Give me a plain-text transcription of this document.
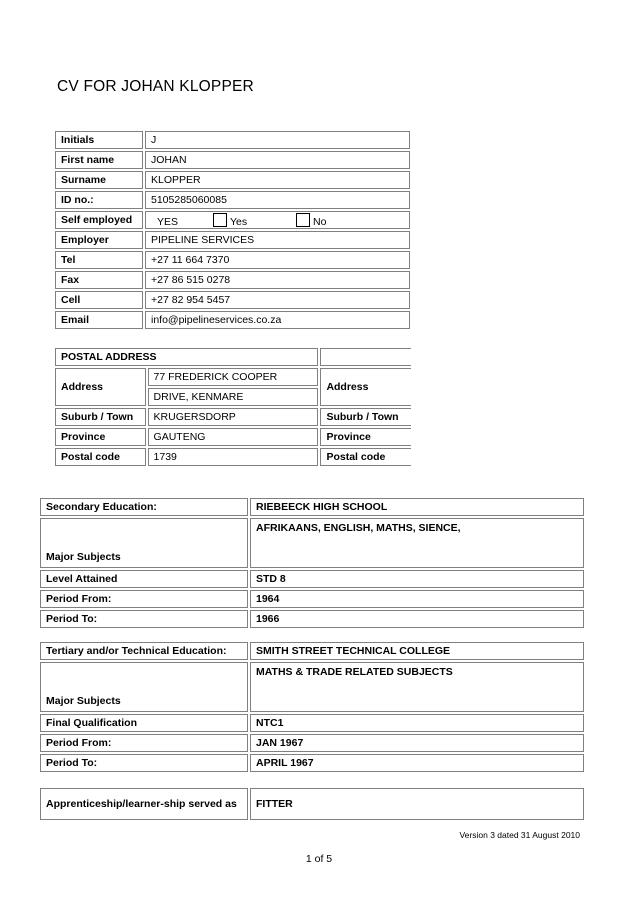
CV FOR JOHAN KLOPPER
Initials	J
First name	JOHAN
Surname	KLOPPER
ID no.:	5105285060085
Self employed	YES Yes No
Employer	PIPELINE SERVICES
Tel	+27 11 664 7370
Fax	+27 86 515 0278
Cell	+27 82 954 5457
Email	info@pipelineservices.co.za
POSTAL ADDRESS		
Address	77 FREDERICK COOPER	Address
	DRIVE, KENMARE	
Suburb / Town	KRUGERSDORP	Suburb / Town
Province	GAUTENG	Province
Postal code	1739	Postal code
Secondary Education:	RIEBEECK HIGH SCHOOL
Major Subjects	AFRIKAANS, ENGLISH, MATHS, SIENCE,
Level Attained	STD 8
Period From:	1964
Period To:	1966
Tertiary and/or Technical Education:	SMITH STREET TECHNICAL COLLEGE
Major Subjects	MATHS & TRADE RELATED SUBJECTS
Final Qualification	NTC1
Period From:	JAN 1967
Period To:	APRIL 1967
Apprenticeship/learner-ship served as	FITTER
Version 3 dated 31 August 2010
1 of 5
